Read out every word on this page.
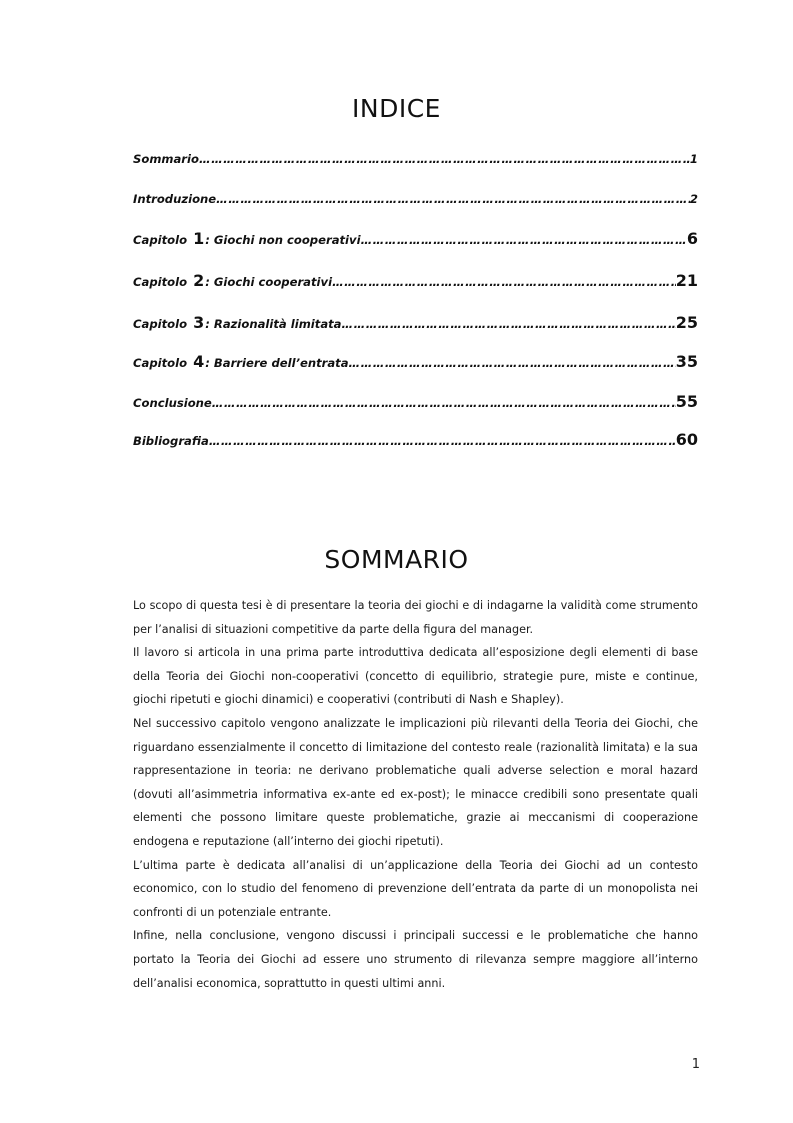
INDICE
Sommario ……………………………………………………………………………………………………………………………………………………………………………………………………	1
Introduzione ……………………………………………………………………………………………………………………………………………………………………………………………………	2
Capitolo 1: Giochi non cooperativi ……………………………………………………………………………………………………………………………………………………………………………………………………	6
Capitolo 2: Giochi cooperativi ……………………………………………………………………………………………………………………………………………………………………………………………………	21
Capitolo 3: Razionalità limitata ……………………………………………………………………………………………………………………………………………………………………………………………………	25
Capitolo 4: Barriere dell’entrata ……………………………………………………………………………………………………………………………………………………………………………………………………	35
Conclusione ……………………………………………………………………………………………………………………………………………………………………………………………………	55
Bibliografia ……………………………………………………………………………………………………………………………………………………………………………………………………	60
SOMMARIO

Lo scopo di questa tesi è di presentare la teoria dei giochi e di indagarne la validità come strumento per l’analisi di situazioni competitive da parte della figura del manager.

Il lavoro si articola in una prima parte introduttiva dedicata all’esposizione degli elementi di base della Teoria dei Giochi non-cooperativi (concetto di equilibrio, strategie pure, miste e continue, giochi ripetuti e giochi dinamici) e cooperativi (contributi di Nash e Shapley).

Nel successivo capitolo vengono analizzate le implicazioni più rilevanti della Teoria dei Giochi, che riguardano essenzialmente il concetto di limitazione del contesto reale (razionalità limitata) e la sua rappresentazione in teoria: ne derivano problematiche quali adverse selection e moral hazard (dovuti all’asimmetria informativa ex-ante ed ex-post); le minacce credibili sono presentate quali elementi che possono limitare queste problematiche, grazie ai meccanismi di cooperazione endogena e reputazione (all’interno dei giochi ripetuti).

L’ultima parte è dedicata all’analisi di un’applicazione della Teoria dei Giochi ad un contesto economico, con lo studio del fenomeno di prevenzione dell’entrata da parte di un monopolista nei confronti di un potenziale entrante.

Infine, nella conclusione, vengono discussi i principali successi e le problematiche che hanno portato la Teoria dei Giochi ad essere uno strumento di rilevanza sempre maggiore all’interno dell’analisi economica, soprattutto in questi ultimi anni.

1
